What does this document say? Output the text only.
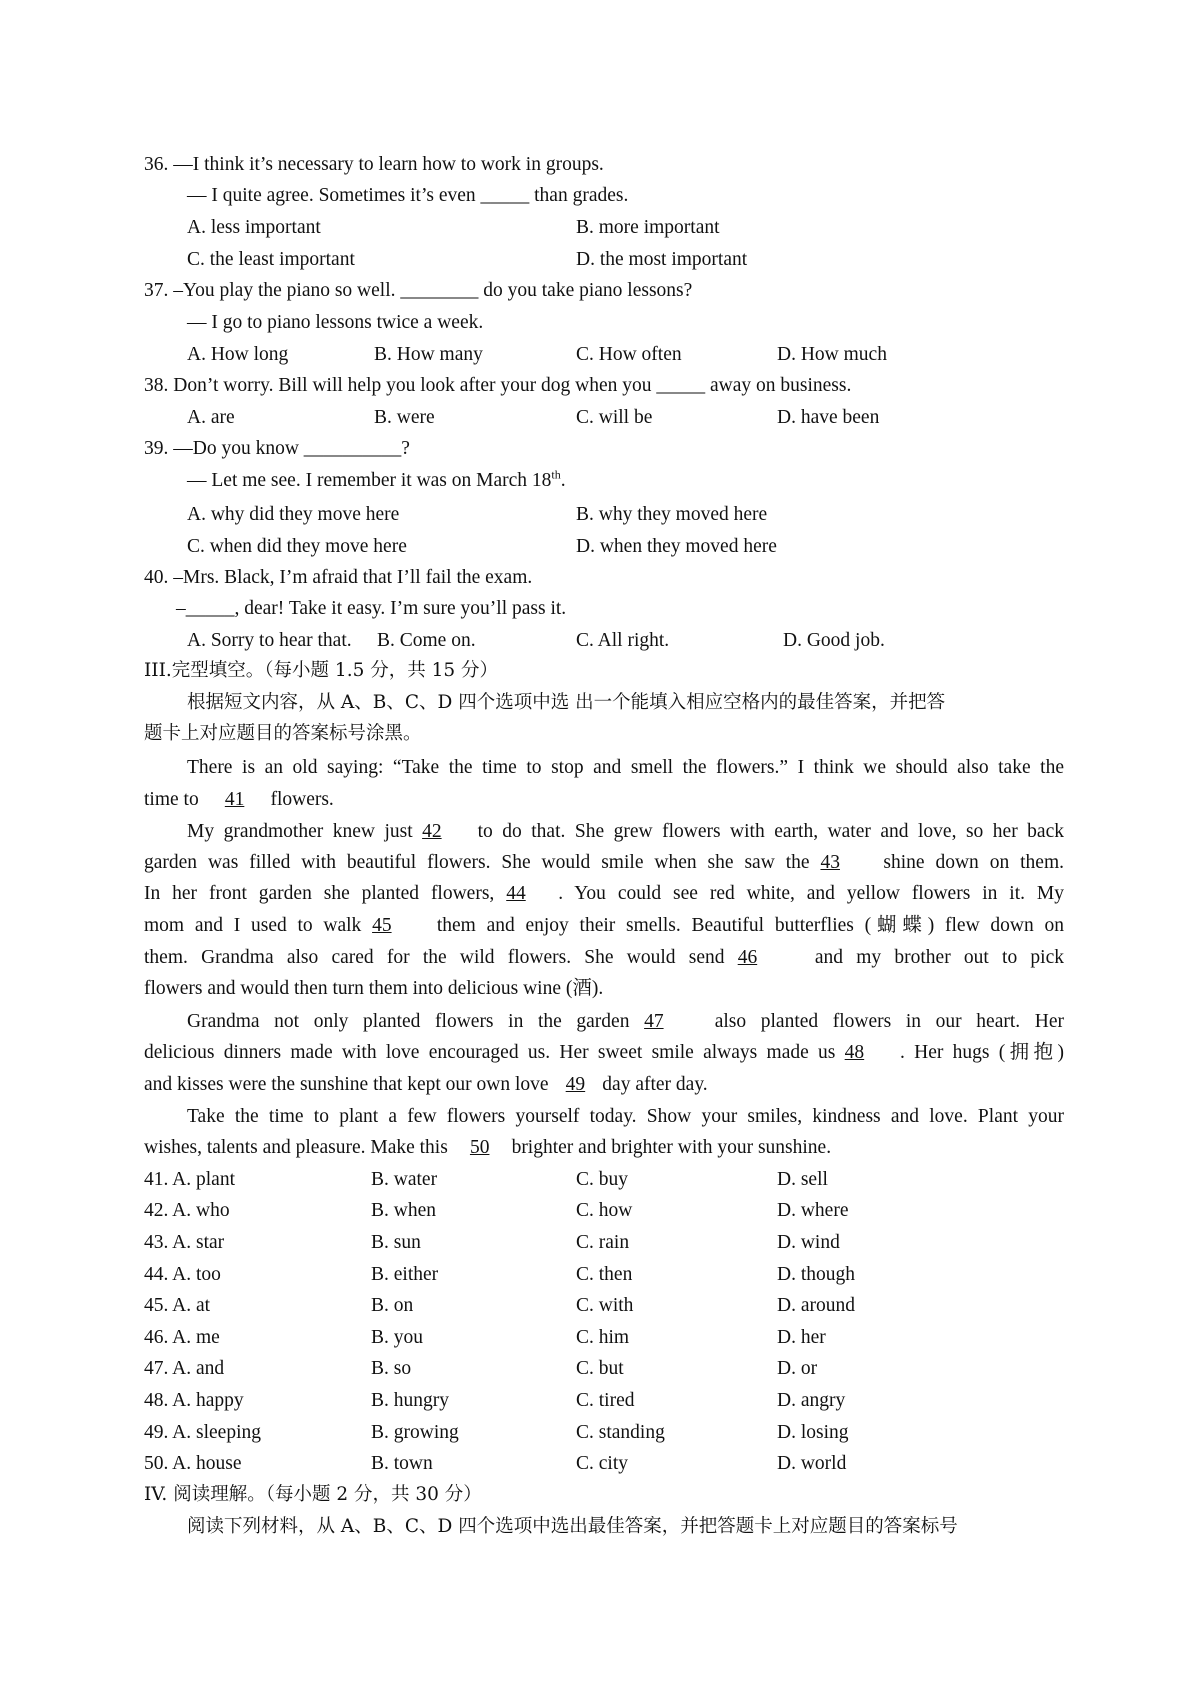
36. —I think it’s necessary to learn how to work in groups.
— I quite agree. Sometimes it’s even _____ than grades.
A. less important	B. more important
C. the least important	D. the most important
37. –You play the piano so well. ________ do you take piano lessons?
— I go to piano lessons twice a week.
A. How long	B. How many	C. How often	D. How much
38. Don’t worry. Bill will help you look after your dog when you _____ away on business.
A. are	B. were	C. will be	D. have been
39. —Do you know __________?
— Let me see. I remember it was on March 18th.
A. why did they move here	B. why they moved here
C. when did they move here	D. when they moved here
40. –Mrs. Black, I’m afraid that I’ll fail the exam.
–_____, dear! Take it easy. I’m sure you’ll pass it.
A. Sorry to hear that. B. Come on.	C. All right.	D. Good job.
III.完型填空。（每小题 1.5 分，共 15 分）
根据短文内容，从 A、B、C、D 四个选项中选 出一个能填入相应空格内的最佳答案，并把答
题卡上对应题目的答案标号涂黑。
There is an old saying: “Take the time to stop and smell the flowers.” I think we should also take the
time to 41 flowers.
My grandmother knew just 42 to do that. She grew flowers with earth, water and love, so her back
garden was filled with beautiful flowers. She would smile when she saw the 43 shine down on them.
In her front garden she planted flowers, 44 . You could see red white, and yellow flowers in it. My
mom and I used to walk 45 them and enjoy their smells. Beautiful butterflies (蝴蝶) flew down on
them. Grandma also cared for the wild flowers. She would send 46 and my brother out to pick
flowers and would then turn them into delicious wine (酒).
Grandma not only planted flowers in the garden 47 also planted flowers in our heart. Her
delicious dinners made with love encouraged us. Her sweet smile always made us 48 . Her hugs (拥抱)
and kisses were the sunshine that kept our own love 49 day after day.
Take the time to plant a few flowers yourself today. Show your smiles, kindness and love. Plant your
wishes, talents and pleasure. Make this 50 brighter and brighter with your sunshine.
41. A. plant	B. water	C. buy	D. sell
42. A. who	B. when	C. how	D. where
43. A. star	B. sun	C. rain	D. wind
44. A. too	B. either	C. then	D. though
45. A. at	B. on	C. with	D. around
46. A. me	B. you	C. him	D. her
47. A. and	B. so	C. but	D. or
48. A. happy	B. hungry	C. tired	D. angry
49. A. sleeping	B. growing	C. standing	D. losing
50. A. house	B. town	C. city	D. world
IV. 阅读理解。（每小题 2 分，共 30 分）
阅读下列材料，从 A、B、C、D 四个选项中选出最佳答案，并把答题卡上对应题目的答案标号
